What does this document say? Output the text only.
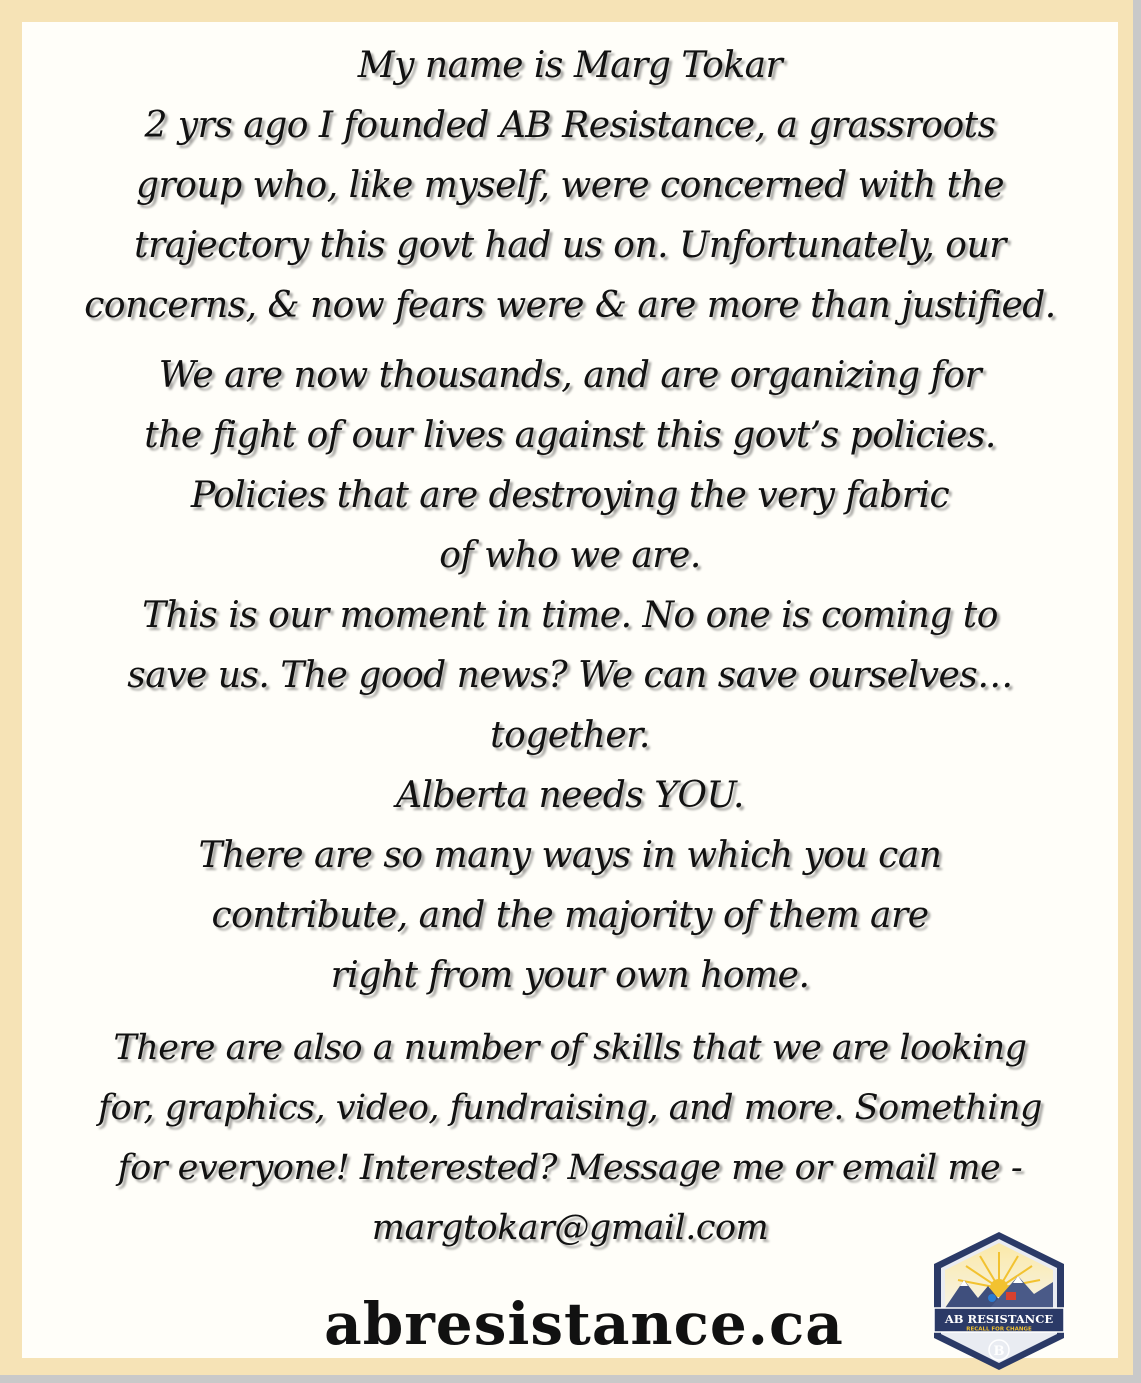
My name is Marg Tokar
2 yrs ago I founded AB Resistance, a grassroots
group who, like myself, were concerned with the
trajectory this govt had us on. Unfortunately, our
concerns, & now fears were & are more than justified.
We are now thousands, and are organizing for
the fight of our lives against this govt’s policies.
Policies that are destroying the very fabric
of who we are.
This is our moment in time. No one is coming to
save us. The good news? We can save ourselves…
together.
Alberta needs YOU.
There are so many ways in which you can
contribute, and the majority of them are
right from your own home.
There are also a number of skills that we are looking
for, graphics, video, fundraising, and more. Something
for everyone! Interested? Message me or email me -
margtokar@gmail.com
abresistance.ca	AB RESISTANCE
RECALL FOR CHANGE
B
